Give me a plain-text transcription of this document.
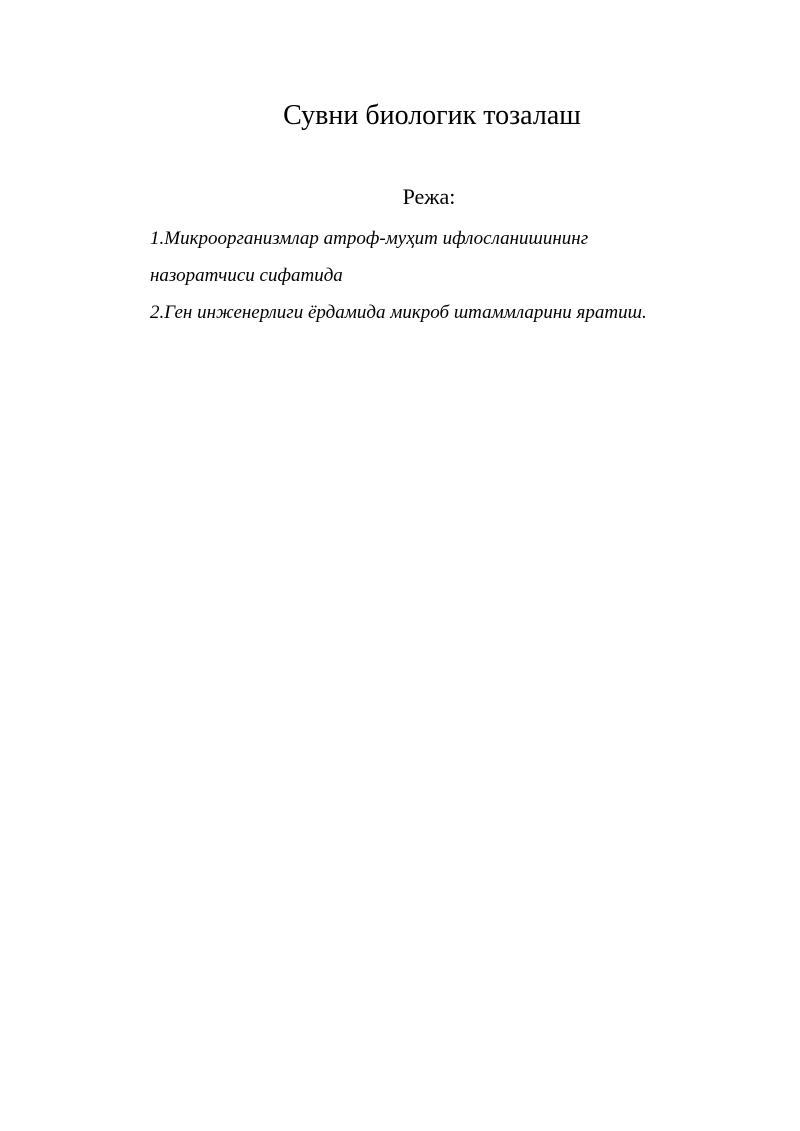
Сувни биологик тозалаш
Режа:
1.Микроорганизмлар атроф-муҳит ифлосланишининг
назоратчиси сифатида
2.Ген инженерлиги ёрдамида микроб штаммларини яратиш.
